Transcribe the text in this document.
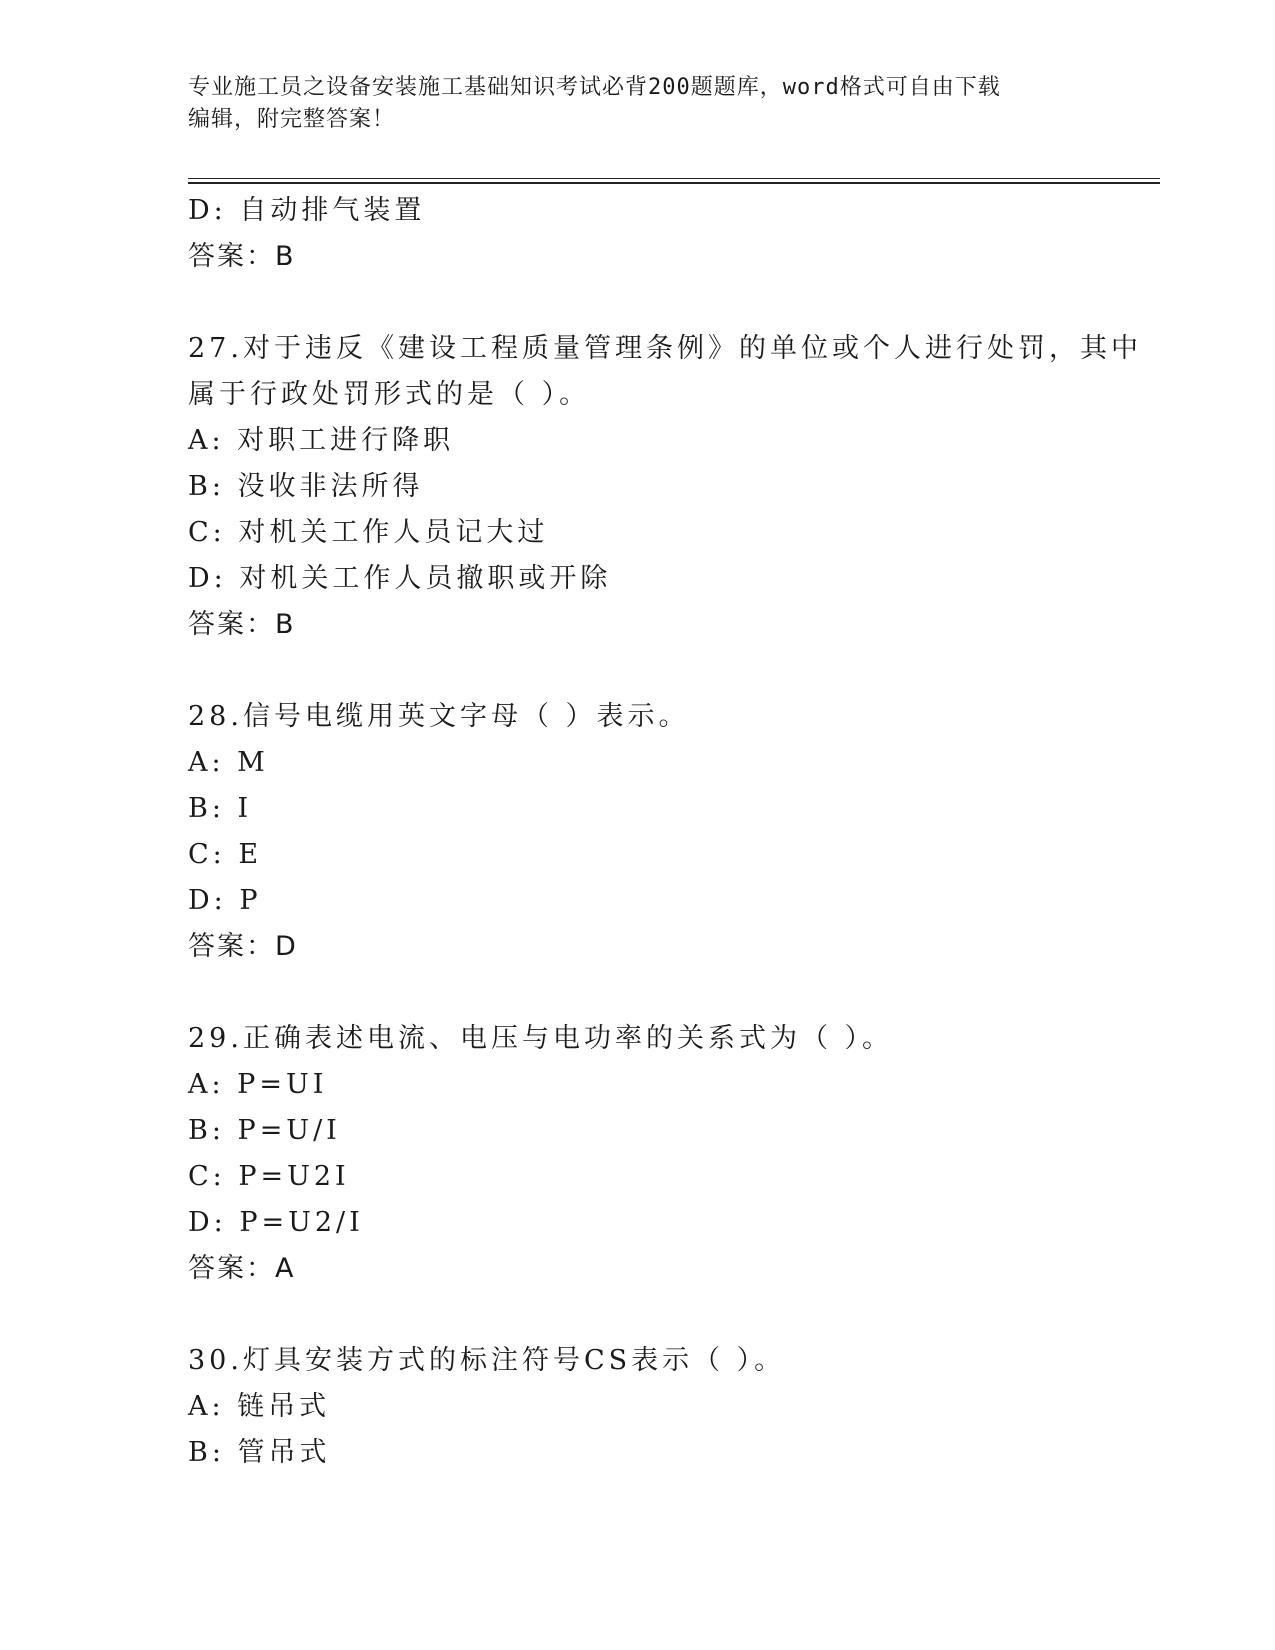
专业施工员之设备安装施工基础知识考试必背200题题库，word格式可自由下载
编辑，附完整答案！
D: 自动排气装置
答案：B
27.对于违反《建设工程质量管理条例》的单位或个人进行处罚，其中
属于行政处罚形式的是（ ）。
A: 对职工进行降职
B: 没收非法所得
C: 对机关工作人员记大过
D: 对机关工作人员撤职或开除
答案：B
28.信号电缆用英文字母（ ）表示。
A: M
B: I
C: E
D: P
答案：D
29.正确表述电流、电压与电功率的关系式为（ ）。
A: P=UI
B: P=U/I
C: P=U2I
D: P=U2/I
答案：A
30.灯具安装方式的标注符号CS表示（ ）。
A: 链吊式
B: 管吊式
